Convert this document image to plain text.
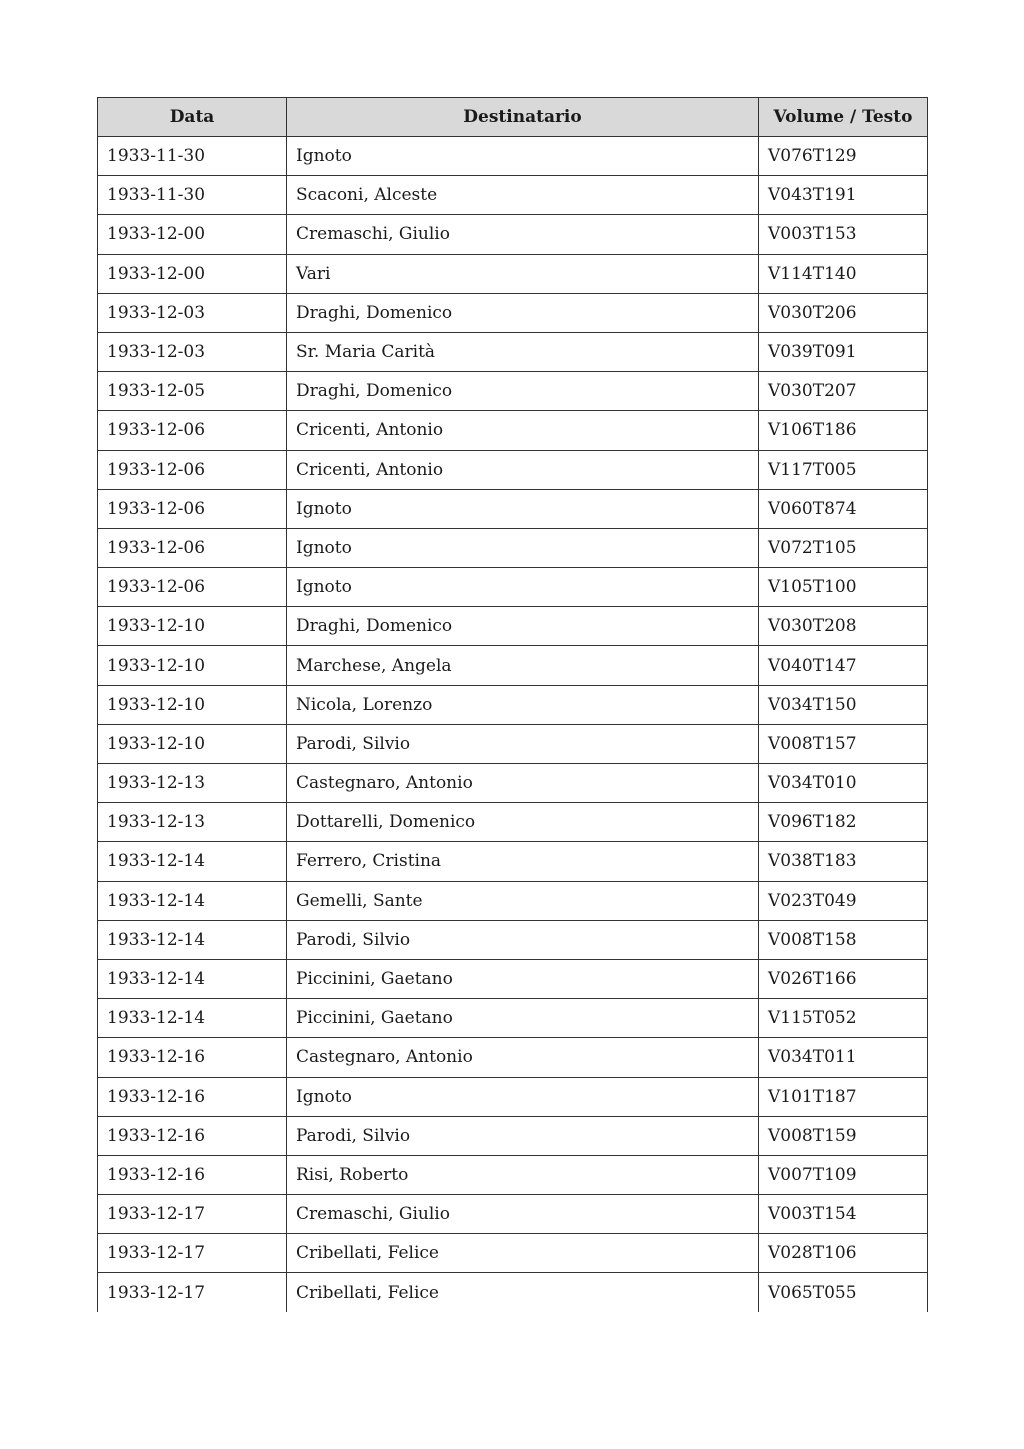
Data	Destinatario	Volume / Testo
1933-11-30	Ignoto	V076T129
1933-11-30	Scaconi, Alceste	V043T191
1933-12-00	Cremaschi, Giulio	V003T153
1933-12-00	Vari	V114T140
1933-12-03	Draghi, Domenico	V030T206
1933-12-03	Sr. Maria Carità	V039T091
1933-12-05	Draghi, Domenico	V030T207
1933-12-06	Cricenti, Antonio	V106T186
1933-12-06	Cricenti, Antonio	V117T005
1933-12-06	Ignoto	V060T874
1933-12-06	Ignoto	V072T105
1933-12-06	Ignoto	V105T100
1933-12-10	Draghi, Domenico	V030T208
1933-12-10	Marchese, Angela	V040T147
1933-12-10	Nicola, Lorenzo	V034T150
1933-12-10	Parodi, Silvio	V008T157
1933-12-13	Castegnaro, Antonio	V034T010
1933-12-13	Dottarelli, Domenico	V096T182
1933-12-14	Ferrero, Cristina	V038T183
1933-12-14	Gemelli, Sante	V023T049
1933-12-14	Parodi, Silvio	V008T158
1933-12-14	Piccinini, Gaetano	V026T166
1933-12-14	Piccinini, Gaetano	V115T052
1933-12-16	Castegnaro, Antonio	V034T011
1933-12-16	Ignoto	V101T187
1933-12-16	Parodi, Silvio	V008T159
1933-12-16	Risi, Roberto	V007T109
1933-12-17	Cremaschi, Giulio	V003T154
1933-12-17	Cribellati, Felice	V028T106
1933-12-17	Cribellati, Felice	V065T055
